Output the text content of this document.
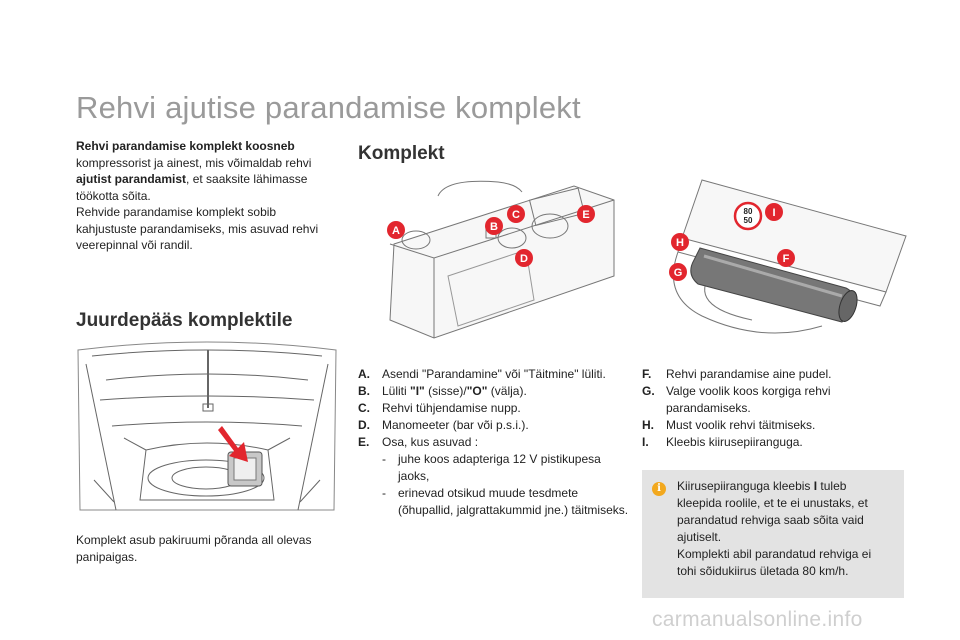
Rehvi ajutise parandamise komplekt
Rehvi parandamise komplekt koosneb
kompressorist ja ainest, mis võimaldab rehvi ajutist parandamist, et saaksite lähimasse töökotta sõita.
Rehvide parandamise komplekt sobib kahjustuste parandamiseks, mis asuvad rehvi veerepinnal või randil.
Juurdepääs komplektile
Komplekt
A	B
C
D
E	80
50
I
H
F
G
Komplekt asub pakiruumi põranda all olevas panipaigas.
A.	Asendi "Parandamine" või "Täitmine" lüliti.
B.	Lüliti "I" (sisse)/"O" (välja).
C.	Rehvi tühjendamise nupp.
D.	Manomeeter (bar või p.s.i.).
E.	Osa, kus asuvad :
-	juhe koos adapteriga 12 V pistikupesa jaoks,
-	erinevad otsikud muude tesdmete (õhupallid, jalgrattakummid jne.) täitmiseks.
F.	Rehvi parandamise aine pudel.
G. Valge voolik koos korgiga rehvi parandamiseks.
H.	Must voolik rehvi täitmiseks.
I.	Kleebis kiirusepiiranguga.
i	Kiirusepiiranguga kleebis I tuleb kleepida roolile, et te ei unustaks, et parandatud rehviga saab sõita vaid ajutiselt.
Komplekti abil parandatud rehviga ei tohi sõidukiirus ületada 80 km/h.
carmanualsonline.info
